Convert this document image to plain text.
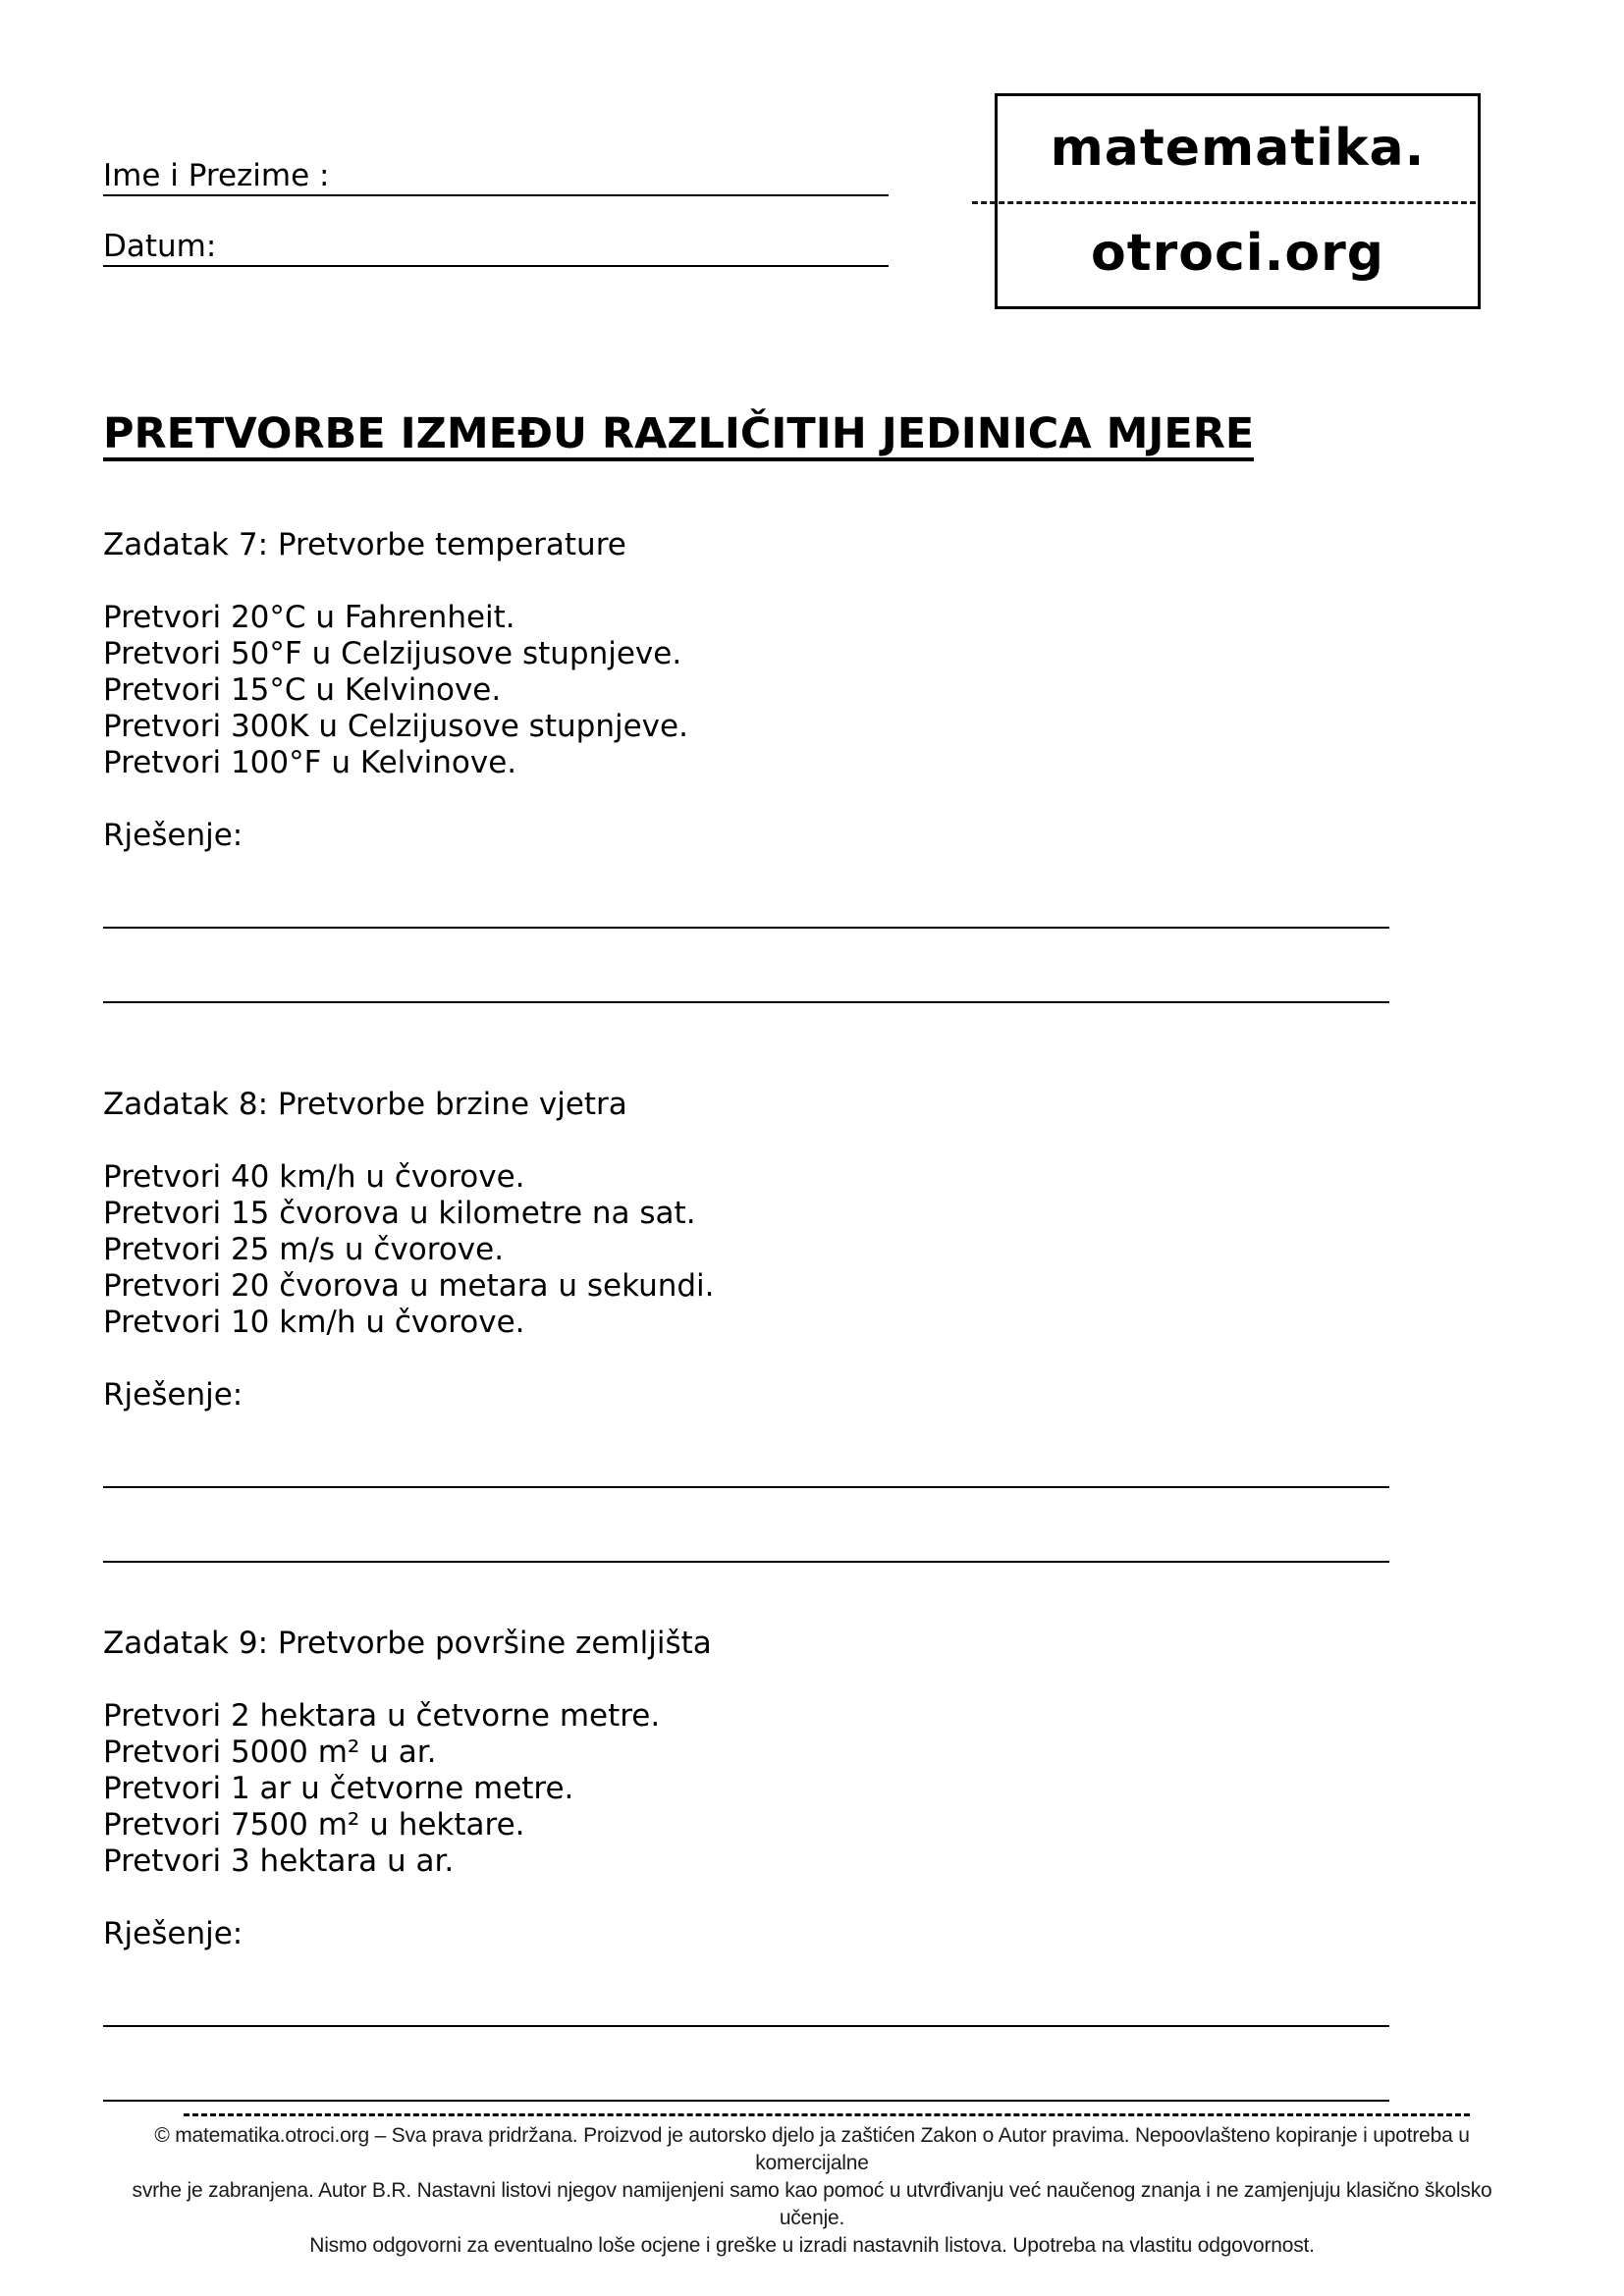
Ime i Prezime :
Datum:
matematika.
otroci.org
PRETVORBE IZMEĐU RAZLIČITIH JEDINICA MJERE
Zadatak 7: Pretvorbe temperature
Pretvori 20°C u Fahrenheit.
Pretvori 50°F u Celzijusove stupnjeve.
Pretvori 15°C u Kelvinove.
Pretvori 300K u Celzijusove stupnjeve.
Pretvori 100°F u Kelvinove.
Rješenje:
Zadatak 8: Pretvorbe brzine vjetra
Pretvori 40 km/h u čvorove.
Pretvori 15 čvorova u kilometre na sat.
Pretvori 25 m/s u čvorove.
Pretvori 20 čvorova u metara u sekundi.
Pretvori 10 km/h u čvorove.
Rješenje:
Zadatak 9: Pretvorbe površine zemljišta
Pretvori 2 hektara u četvorne metre.
Pretvori 5000 m² u ar.
Pretvori 1 ar u četvorne metre.
Pretvori 7500 m² u hektare.
Pretvori 3 hektara u ar.
Rješenje:
© matematika.otroci.org – Sva prava pridržana. Proizvod je autorsko djelo ja zaštićen Zakon o Autor pravima. Nepoovlašteno kopiranje i upotreba u komercijalne
svrhe je zabranjena. Autor B.R. Nastavni listovi njegov namijenjeni samo kao pomoć u utvrđivanju već naučenog znanja i ne zamjenjuju klasično školsko učenje.
Nismo odgovorni za eventualno loše ocjene i greške u izradi nastavnih listova. Upotreba na vlastitu odgovornost.
